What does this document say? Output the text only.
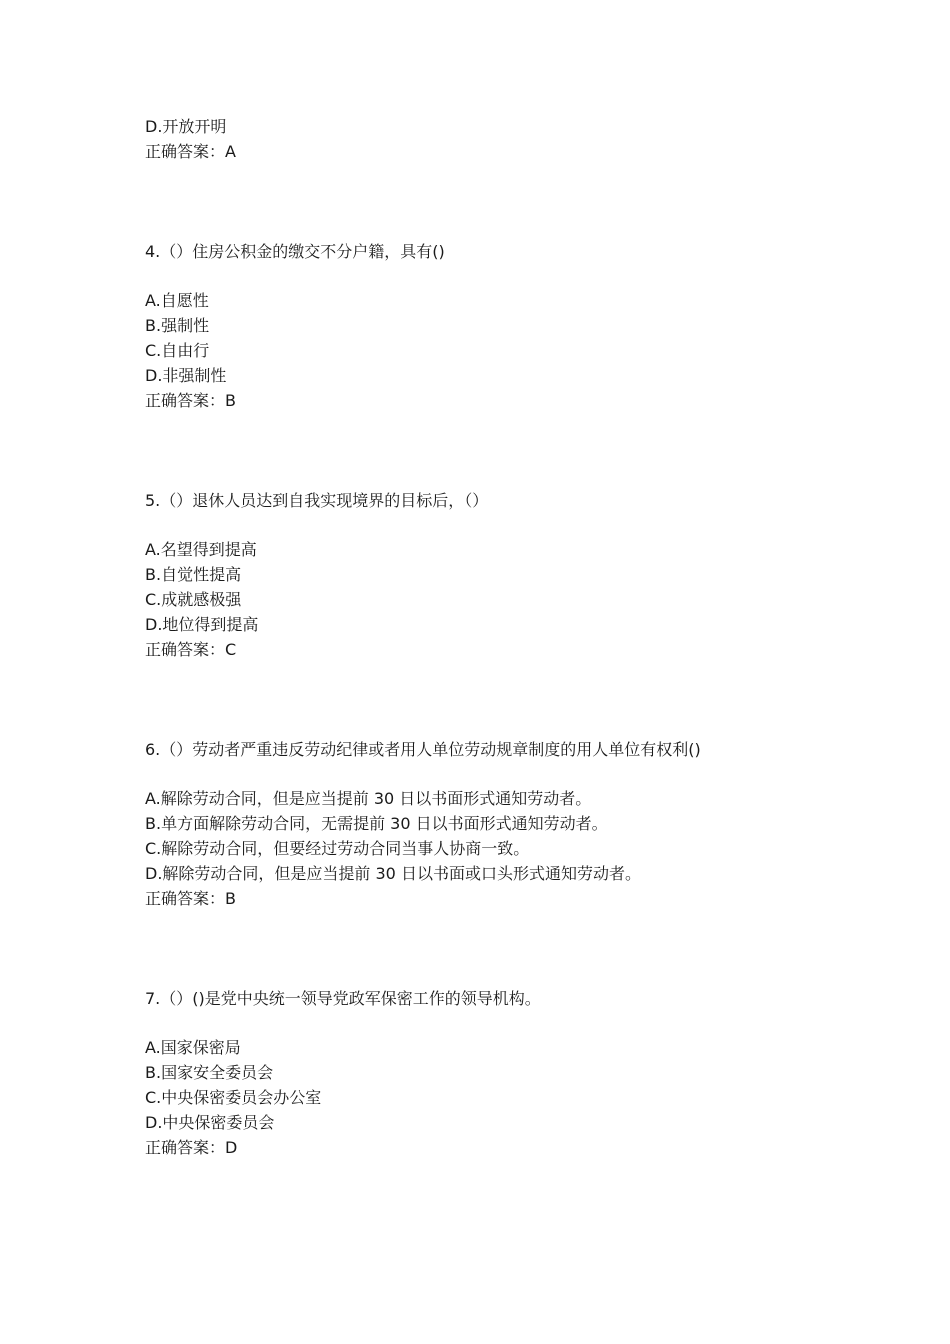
D.开放开明
正确答案：A
4.（）住房公积金的缴交不分户籍，具有()
A.自愿性
B.强制性
C.自由行
D.非强制性
正确答案：B
5.（）退休人员达到自我实现境界的目标后，（）
A.名望得到提高
B.自觉性提高
C.成就感极强
D.地位得到提高
正确答案：C
6.（）劳动者严重违反劳动纪律或者用人单位劳动规章制度的用人单位有权利()
A.解除劳动合同，但是应当提前 30 日以书面形式通知劳动者。
B.单方面解除劳动合同，无需提前 30 日以书面形式通知劳动者。
C.解除劳动合同，但要经过劳动合同当事人协商一致。
D.解除劳动合同，但是应当提前 30 日以书面或口头形式通知劳动者。
正确答案：B
7.（）()是党中央统一领导党政军保密工作的领导机构。
A.国家保密局
B.国家安全委员会
C.中央保密委员会办公室
D.中央保密委员会
正确答案：D
